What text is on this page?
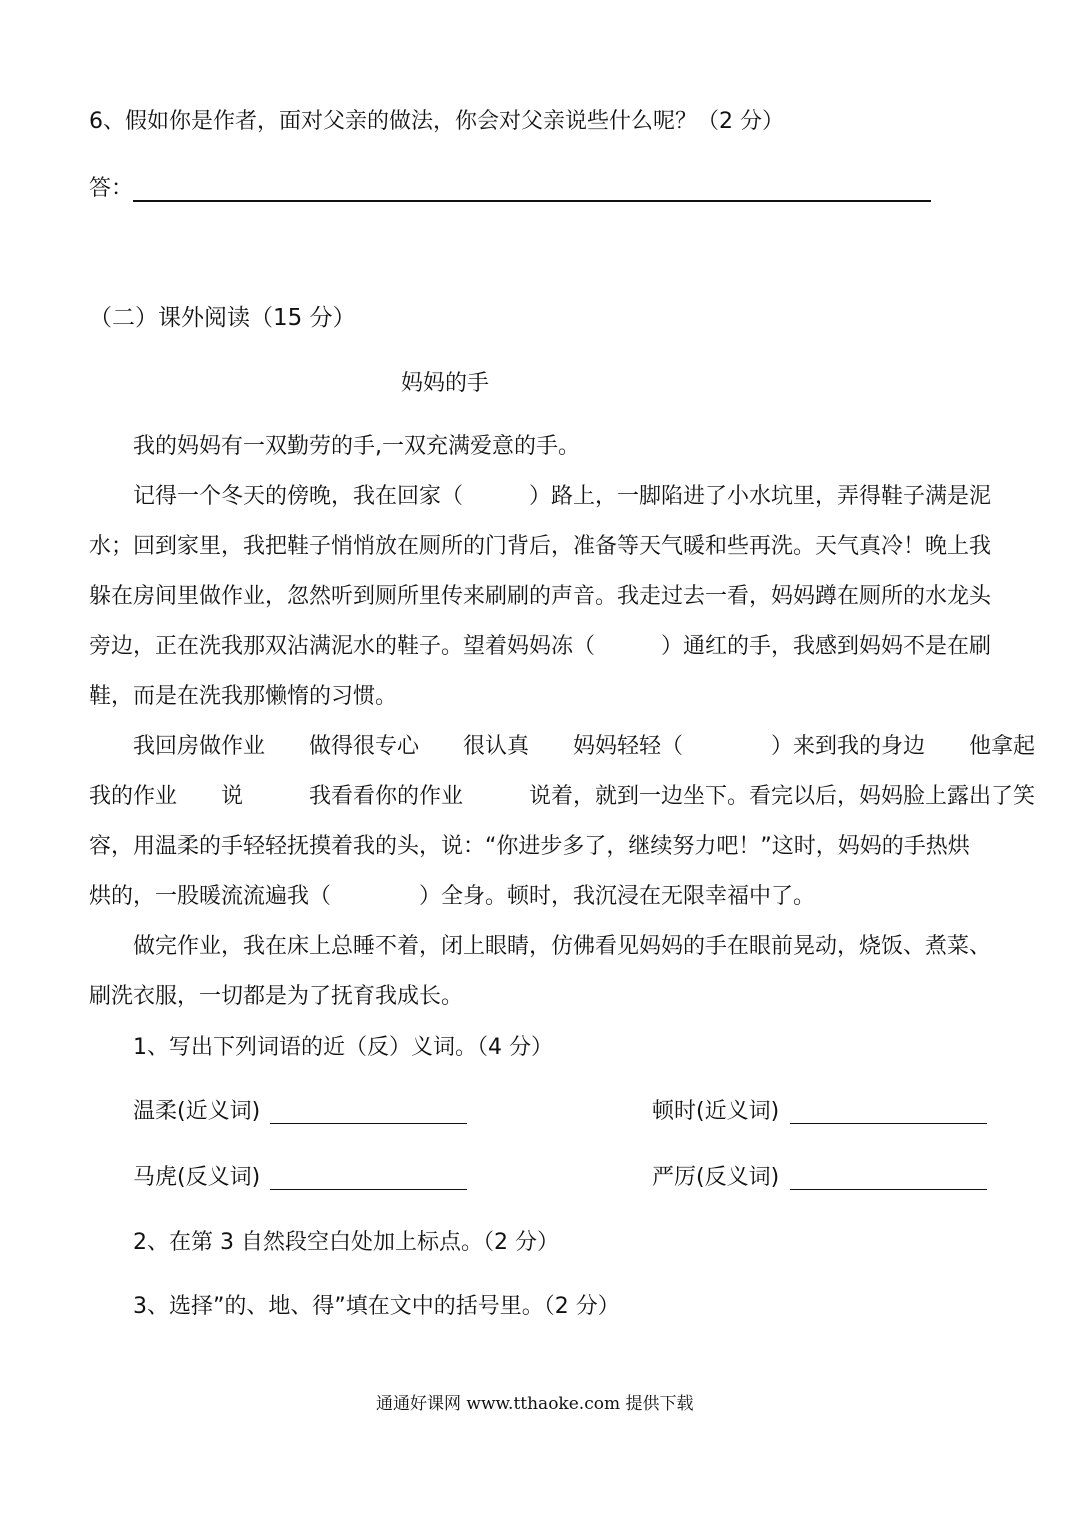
6、假如你是作者，面对父亲的做法，你会对父亲说些什么呢？（2 分）
答：
（二）课外阅读（15 分）
妈妈的手
我的妈妈有一双勤劳的手,一双充满爱意的手。
记得一个冬天的傍晚，我在回家（　　　）路上，一脚陷进了小水坑里，弄得鞋子满是泥
水；回到家里，我把鞋子悄悄放在厕所的门背后，准备等天气暖和些再洗。天气真冷！晚上我
躲在房间里做作业，忽然听到厕所里传来刷刷的声音。我走过去一看，妈妈蹲在厕所的水龙头
旁边，正在洗我那双沾满泥水的鞋子。望着妈妈冻（　　　）通红的手，我感到妈妈不是在刷
鞋，而是在洗我那懒惰的习惯。
我回房做作业　　做得很专心　　很认真　　妈妈轻轻（　　　　）来到我的身边　　他拿起
我的作业　　说　　　我看看你的作业　　　说着，就到一边坐下。看完以后，妈妈脸上露出了笑
容，用温柔的手轻轻抚摸着我的头，说：“你进步多了，继续努力吧！”这时，妈妈的手热烘
烘的，一股暖流流遍我（　　　　）全身。顿时，我沉浸在无限幸福中了。
做完作业，我在床上总睡不着，闭上眼睛，仿佛看见妈妈的手在眼前晃动，烧饭、煮菜、
刷洗衣服，一切都是为了抚育我成长。
1、写出下列词语的近（反）义词。（4 分）
温柔(近义词)	顿时(近义词)
马虎(反义词)	严厉(反义词)
2、在第 3 自然段空白处加上标点。（2 分）
3、选择”的、地、得”填在文中的括号里。（2 分）
通通好课网 www.tthaoke.com 提供下载
